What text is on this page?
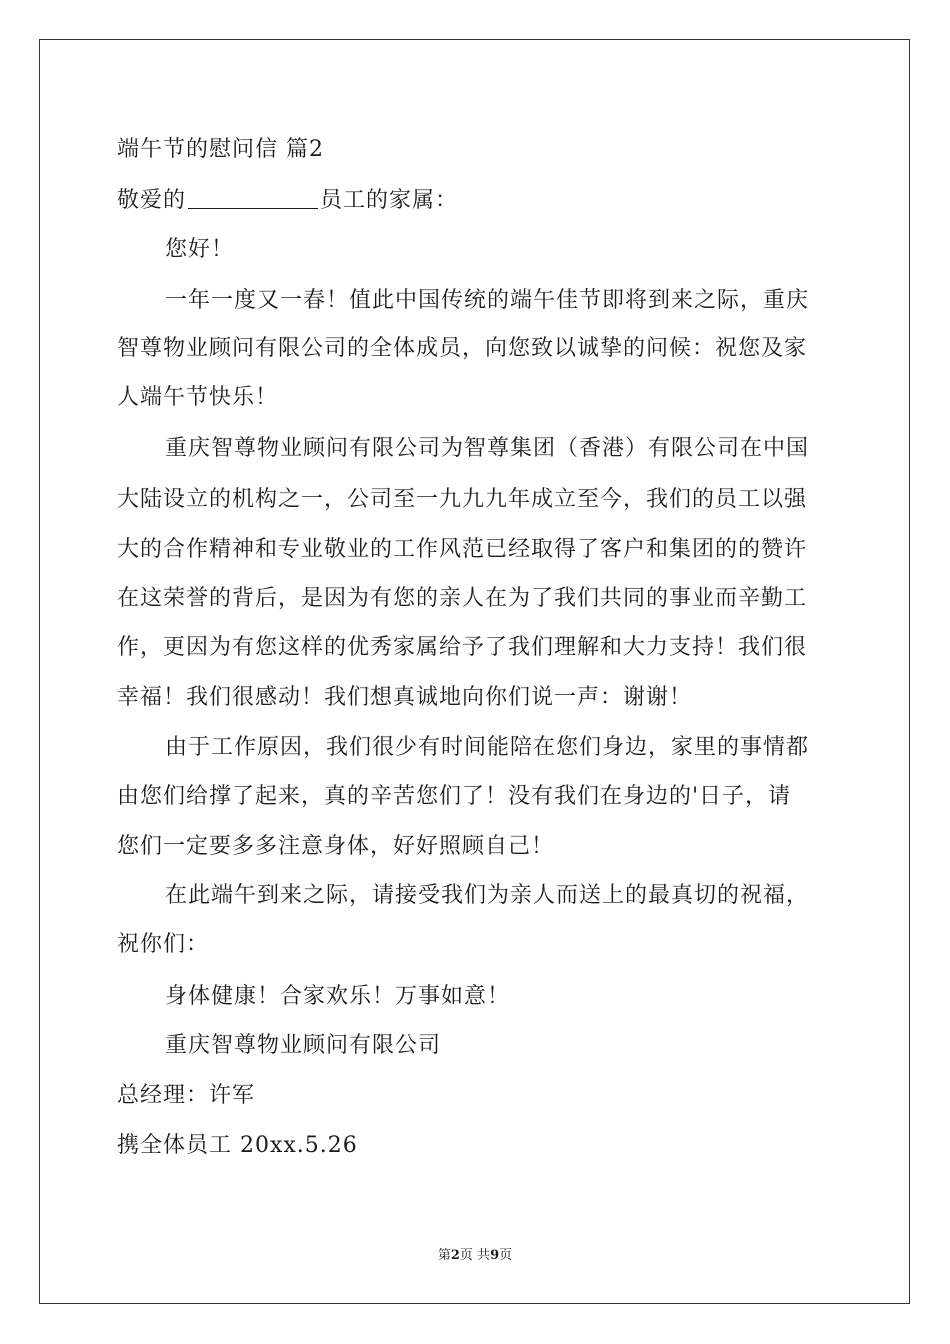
端午节的慰问信 篇2
敬爱的	员工的家属：
您好！
一年一度又一春！值此中国传统的端午佳节即将到来之际，重庆
智尊物业顾问有限公司的全体成员，向您致以诚挚的问候：祝您及家
人端午节快乐！
重庆智尊物业顾问有限公司为智尊集团（香港）有限公司在中国
大陆设立的机构之一，公司至一九九九年成立至今，我们的员工以强
大的合作精神和专业敬业的工作风范已经取得了客户和集团的的赞许
在这荣誉的背后，是因为有您的亲人在为了我们共同的事业而辛勤工
作，更因为有您这样的优秀家属给予了我们理解和大力支持！我们很
幸福！我们很感动！我们想真诚地向你们说一声：谢谢！
由于工作原因，我们很少有时间能陪在您们身边，家里的事情都
由您们给撑了起来，真的辛苦您们了！没有我们在身边的'日子，请
您们一定要多多注意身体，好好照顾自己！
在此端午到来之际，请接受我们为亲人而送上的最真切的祝福，
祝你们：
身体健康！合家欢乐！万事如意！
重庆智尊物业顾问有限公司
总经理：许军
携全体员工 20xx.5.26
第2页 共9页
